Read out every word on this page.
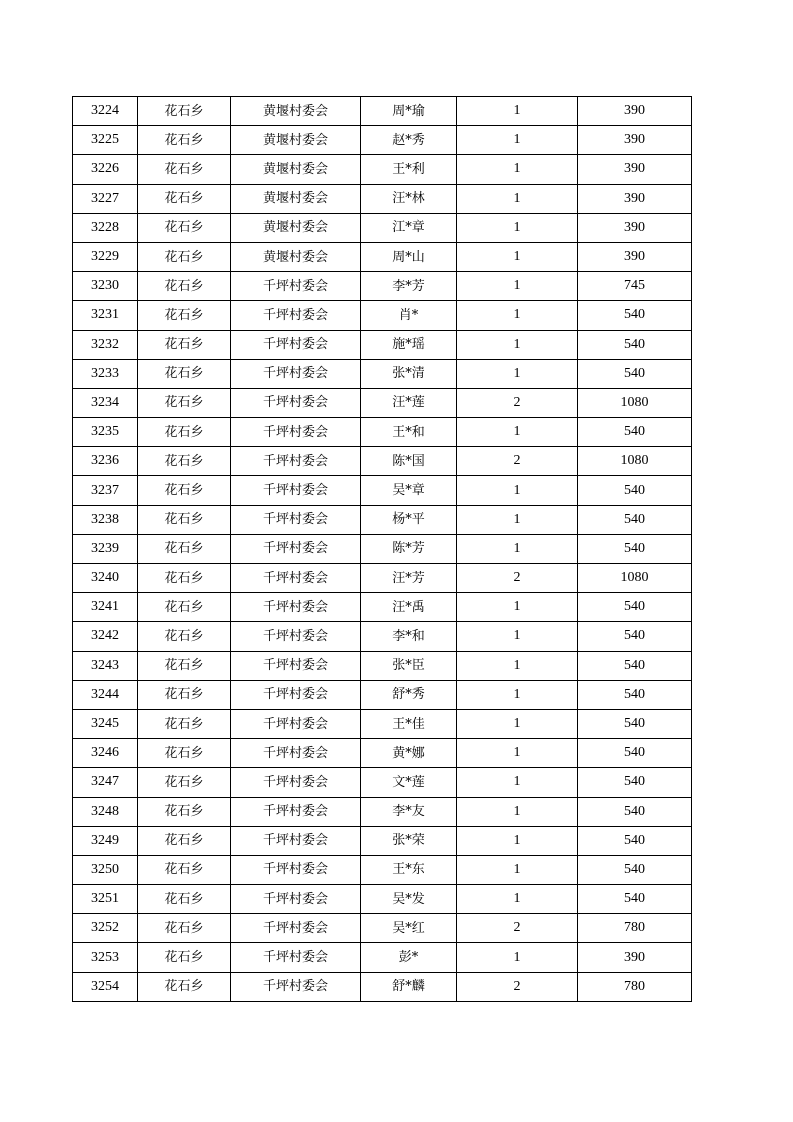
3224	花石乡	黄堰村委会	周*瑜	1	390
3225	花石乡	黄堰村委会	赵*秀	1	390
3226	花石乡	黄堰村委会	王*利	1	390
3227	花石乡	黄堰村委会	汪*林	1	390
3228	花石乡	黄堰村委会	江*章	1	390
3229	花石乡	黄堰村委会	周*山	1	390
3230	花石乡	千坪村委会	李*芳	1	745
3231	花石乡	千坪村委会	肖*	1	540
3232	花石乡	千坪村委会	施*瑶	1	540
3233	花石乡	千坪村委会	张*清	1	540
3234	花石乡	千坪村委会	汪*莲	2	1080
3235	花石乡	千坪村委会	王*和	1	540
3236	花石乡	千坪村委会	陈*国	2	1080
3237	花石乡	千坪村委会	吴*章	1	540
3238	花石乡	千坪村委会	杨*平	1	540
3239	花石乡	千坪村委会	陈*芳	1	540
3240	花石乡	千坪村委会	汪*芳	2	1080
3241	花石乡	千坪村委会	汪*禹	1	540
3242	花石乡	千坪村委会	李*和	1	540
3243	花石乡	千坪村委会	张*臣	1	540
3244	花石乡	千坪村委会	舒*秀	1	540
3245	花石乡	千坪村委会	王*佳	1	540
3246	花石乡	千坪村委会	黄*娜	1	540
3247	花石乡	千坪村委会	文*莲	1	540
3248	花石乡	千坪村委会	李*友	1	540
3249	花石乡	千坪村委会	张*荣	1	540
3250	花石乡	千坪村委会	王*东	1	540
3251	花石乡	千坪村委会	吴*发	1	540
3252	花石乡	千坪村委会	吴*红	2	780
3253	花石乡	千坪村委会	彭*	1	390
3254	花石乡	千坪村委会	舒*麟	2	780
